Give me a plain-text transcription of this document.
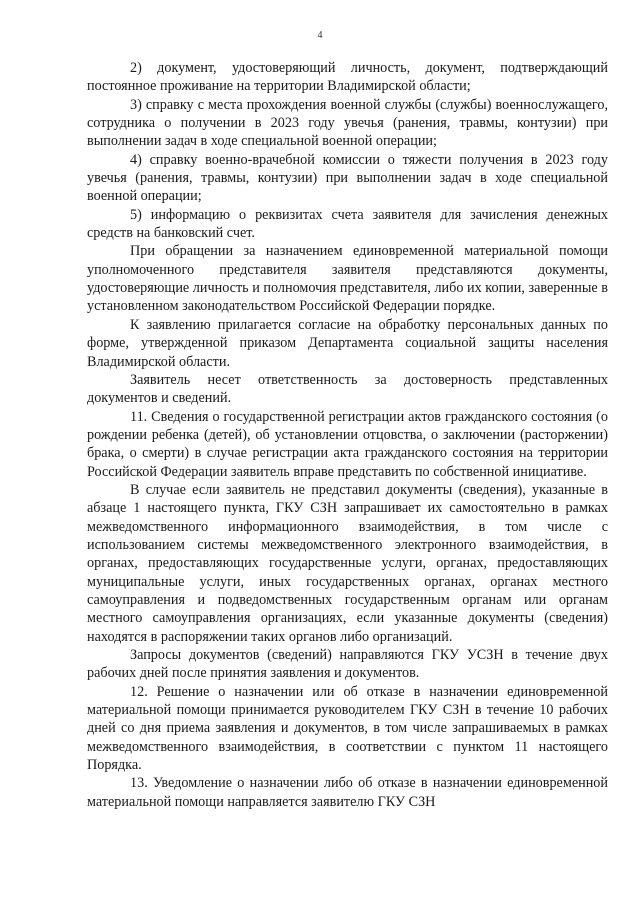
4

2) документ, удостоверяющий личность, документ, подтверждающий постоянное проживание на территории Владимирской области;

3) справку с места прохождения военной службы (службы) военнослужащего, сотрудника о получении в 2023 году увечья (ранения, травмы, контузии) при выполнении задач в ходе специальной военной операции;

4) справку военно-врачебной комиссии о тяжести получения в 2023 году увечья (ранения, травмы, контузии) при выполнении задач в ходе специальной военной операции;

5) информацию о реквизитах счета заявителя для зачисления денежных средств на банковский счет.

При обращении за назначением единовременной материальной помощи уполномоченного представителя заявителя представляются документы, удостоверяющие личность и полномочия представителя, либо их копии, заверенные в установленном законодательством Российской Федерации порядке.

К заявлению прилагается согласие на обработку персональных данных по форме, утвержденной приказом Департамента социальной защиты населения Владимирской области.

Заявитель несет ответственность за достоверность представленных документов и сведений.

11. Сведения о государственной регистрации актов гражданского состояния (о рождении ребенка (детей), об установлении отцовства, о заключении (расторжении) брака, о смерти) в случае регистрации акта гражданского состояния на территории Российской Федерации заявитель вправе представить по собственной инициативе.

В случае если заявитель не представил документы (сведения), указанные в абзаце 1 настоящего пункта, ГКУ СЗН запрашивает их самостоятельно в рамках межведомственного информационного взаимодействия, в том числе с использованием системы межведомственного электронного взаимодействия, в органах, предоставляющих государственные услуги, органах, предоставляющих муниципальные услуги, иных государственных органах, органах местного самоуправления и подведомственных государственным органам или органам местного самоуправления организациях, если указанные документы (сведения) находятся в распоряжении таких органов либо организаций.

Запросы документов (сведений) направляются ГКУ УСЗН в течение двух рабочих дней после принятия заявления и документов.

12. Решение о назначении или об отказе в назначении единовременной материальной помощи принимается руководителем ГКУ СЗН в течение 10 рабочих дней со дня приема заявления и документов, в том числе запрашиваемых в рамках межведомственного взаимодействия, в соответствии с пунктом 11 настоящего Порядка.

13. Уведомление о назначении либо об отказе в назначении единовременной материальной помощи направляется заявителю ГКУ СЗН
